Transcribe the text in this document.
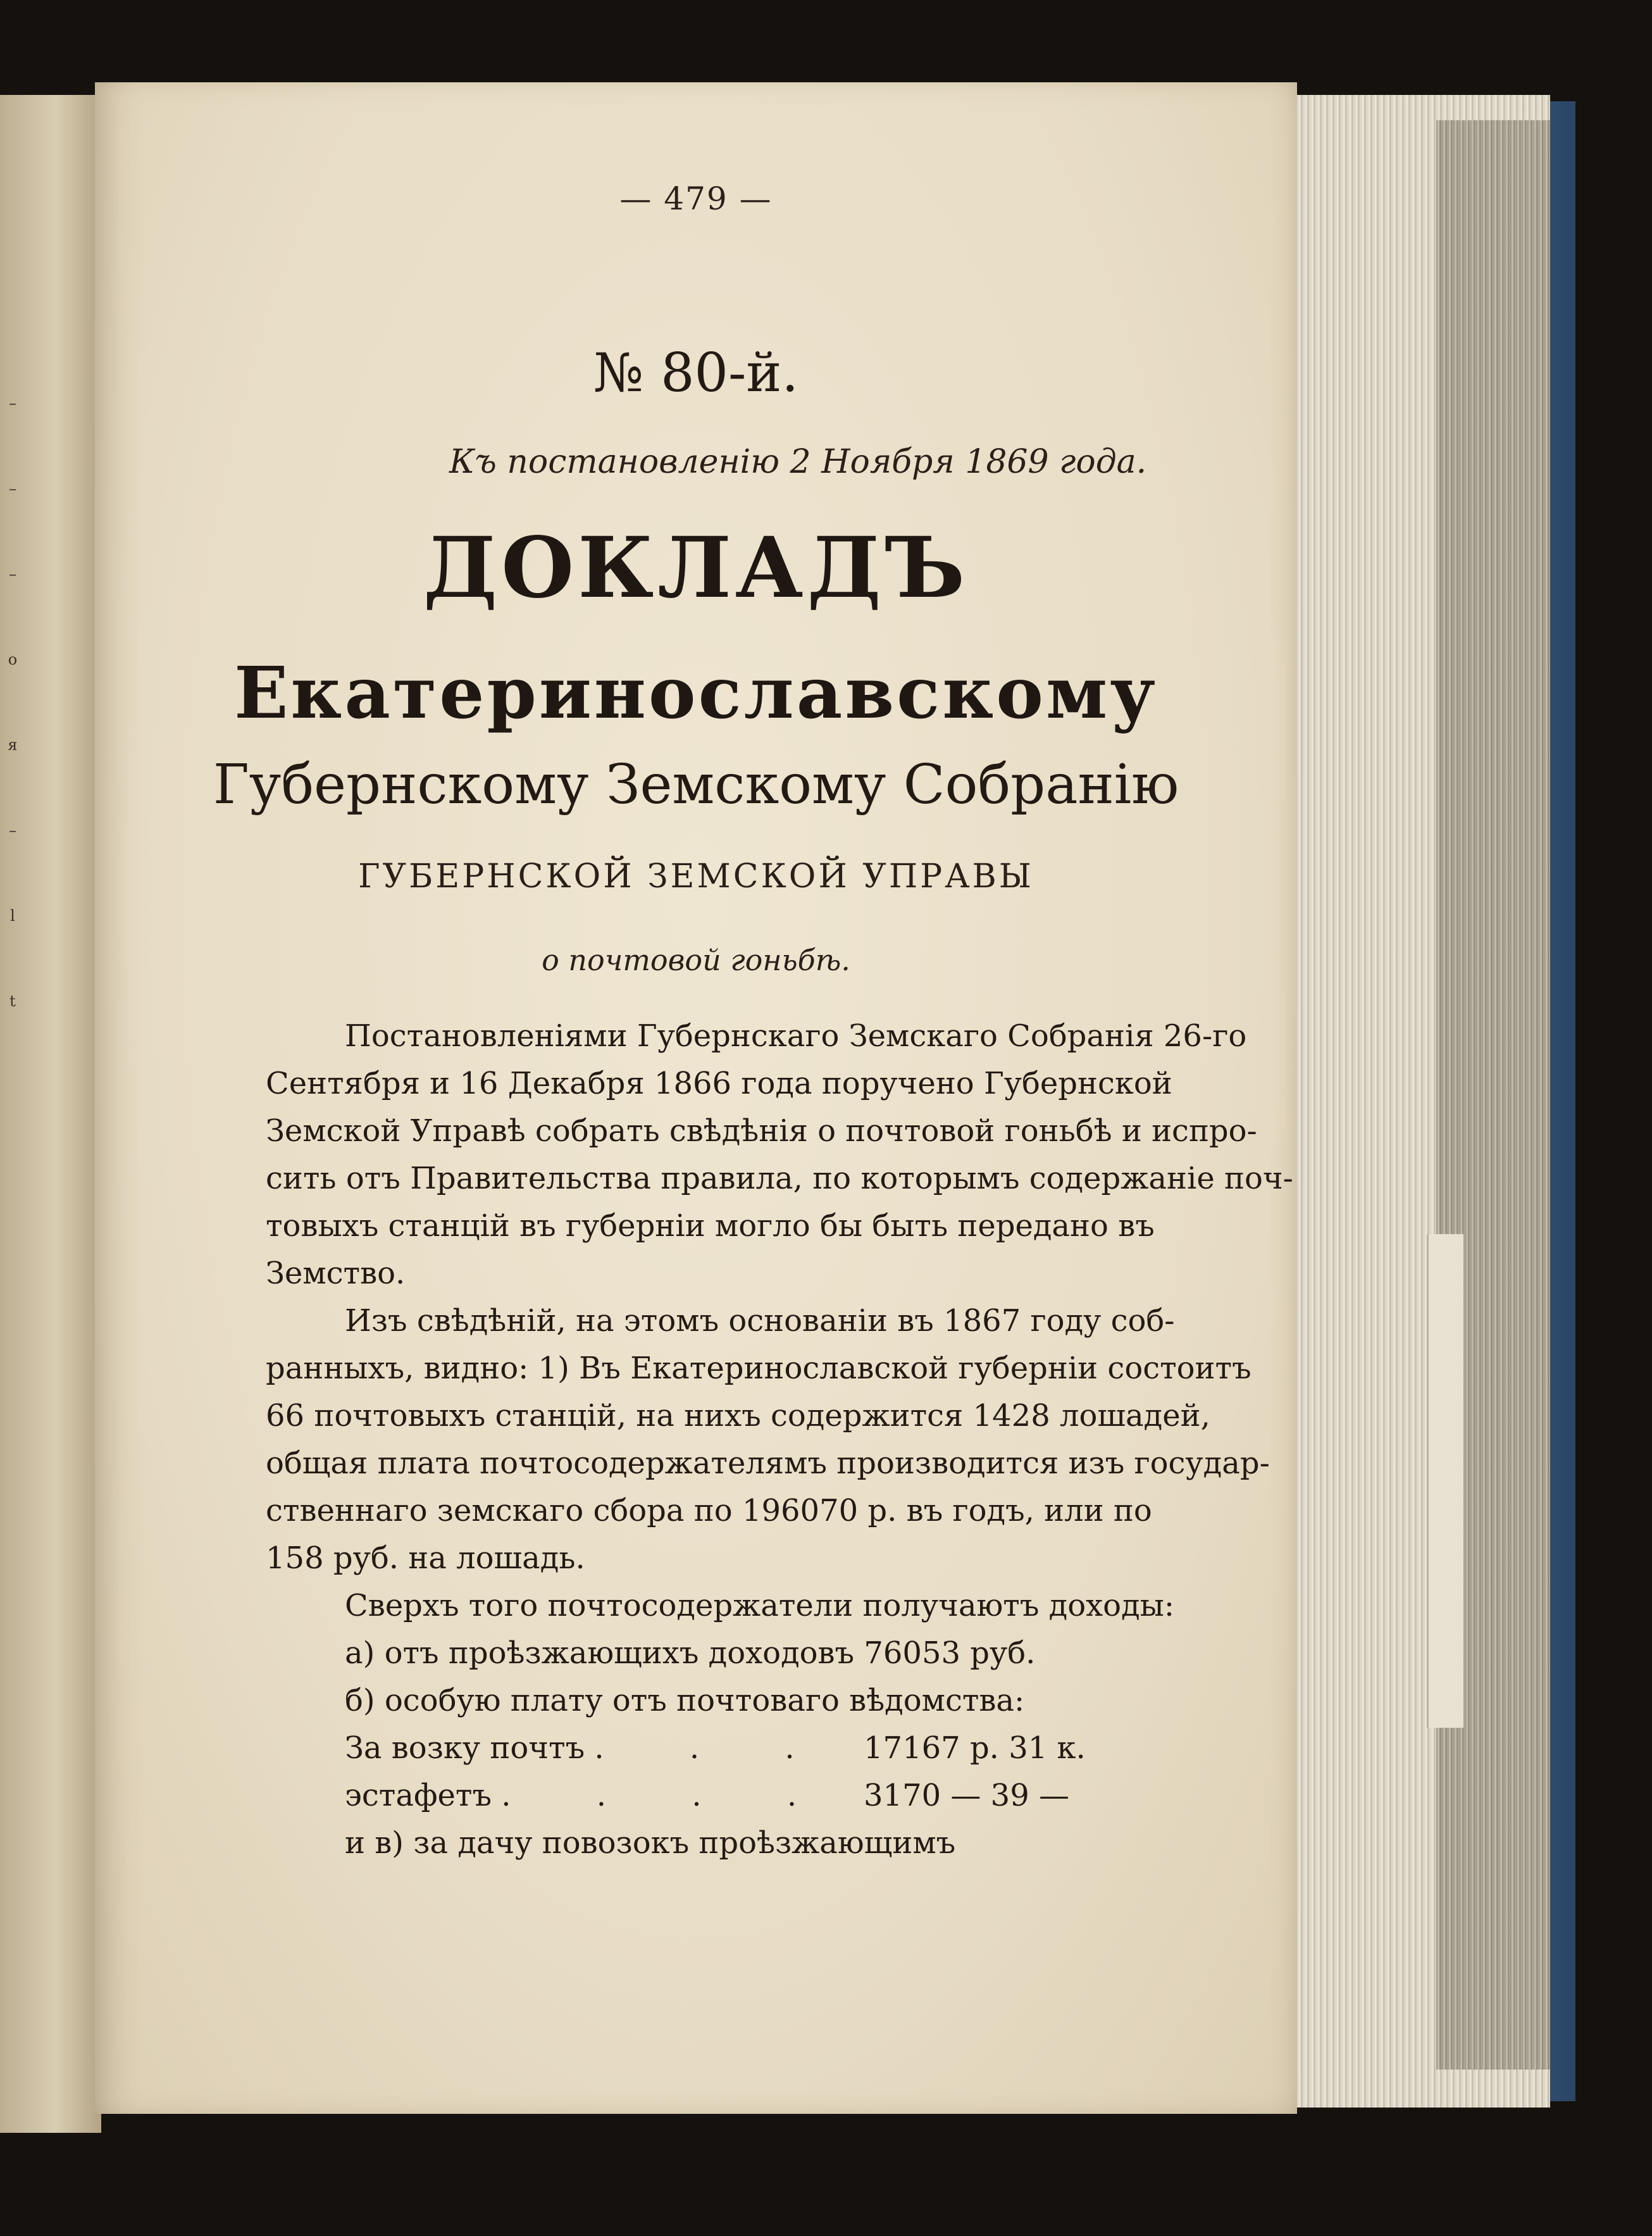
–
–
–
о
я
–
l
t
— 479 —
№ 80-й.
Къ постановленію 2 Ноября 1869 года.
ДОКЛАДЪ
Екатеринославскому
Губернскому Земскому Собранію
ГУБЕРНСКОЙ ЗЕМСКОЙ УПРАВЫ
о почтовой гоньбѣ.
Постановленіями Губернскаго Земскаго Собранія 26-го
Сентября и 16 Декабря 1866 года поручено Губернской
Земской Управѣ собрать свѣдѣнія о почтовой гоньбѣ и испро-
сить отъ Правительства правила, по которымъ содержаніе поч-
товыхъ станцій въ губерніи могло бы быть передано въ
Земство.
Изъ свѣдѣній, на этомъ основаніи въ 1867 году соб-
ранныхъ, видно: 1) Въ Екатеринославской губерніи состоитъ
66 почтовыхъ станцій, на нихъ содержится 1428 лошадей,
общая плата почтосодержателямъ производится изъ государ-
ственнаго земскаго сбора по 196070 р. въ годъ, или по
158 руб. на лошадь.
Сверхъ того почтосодержатели получаютъ доходы:
а) отъ проѣзжающихъ доходовъ 76053 руб.
б) особую плату отъ почтоваго вѣдомства:
За возку почтъ . . .	17167 р. 31 к.
эстафетъ . . . . 3170 — 39 —
и в) за дачу повозокъ проѣзжающимъ
